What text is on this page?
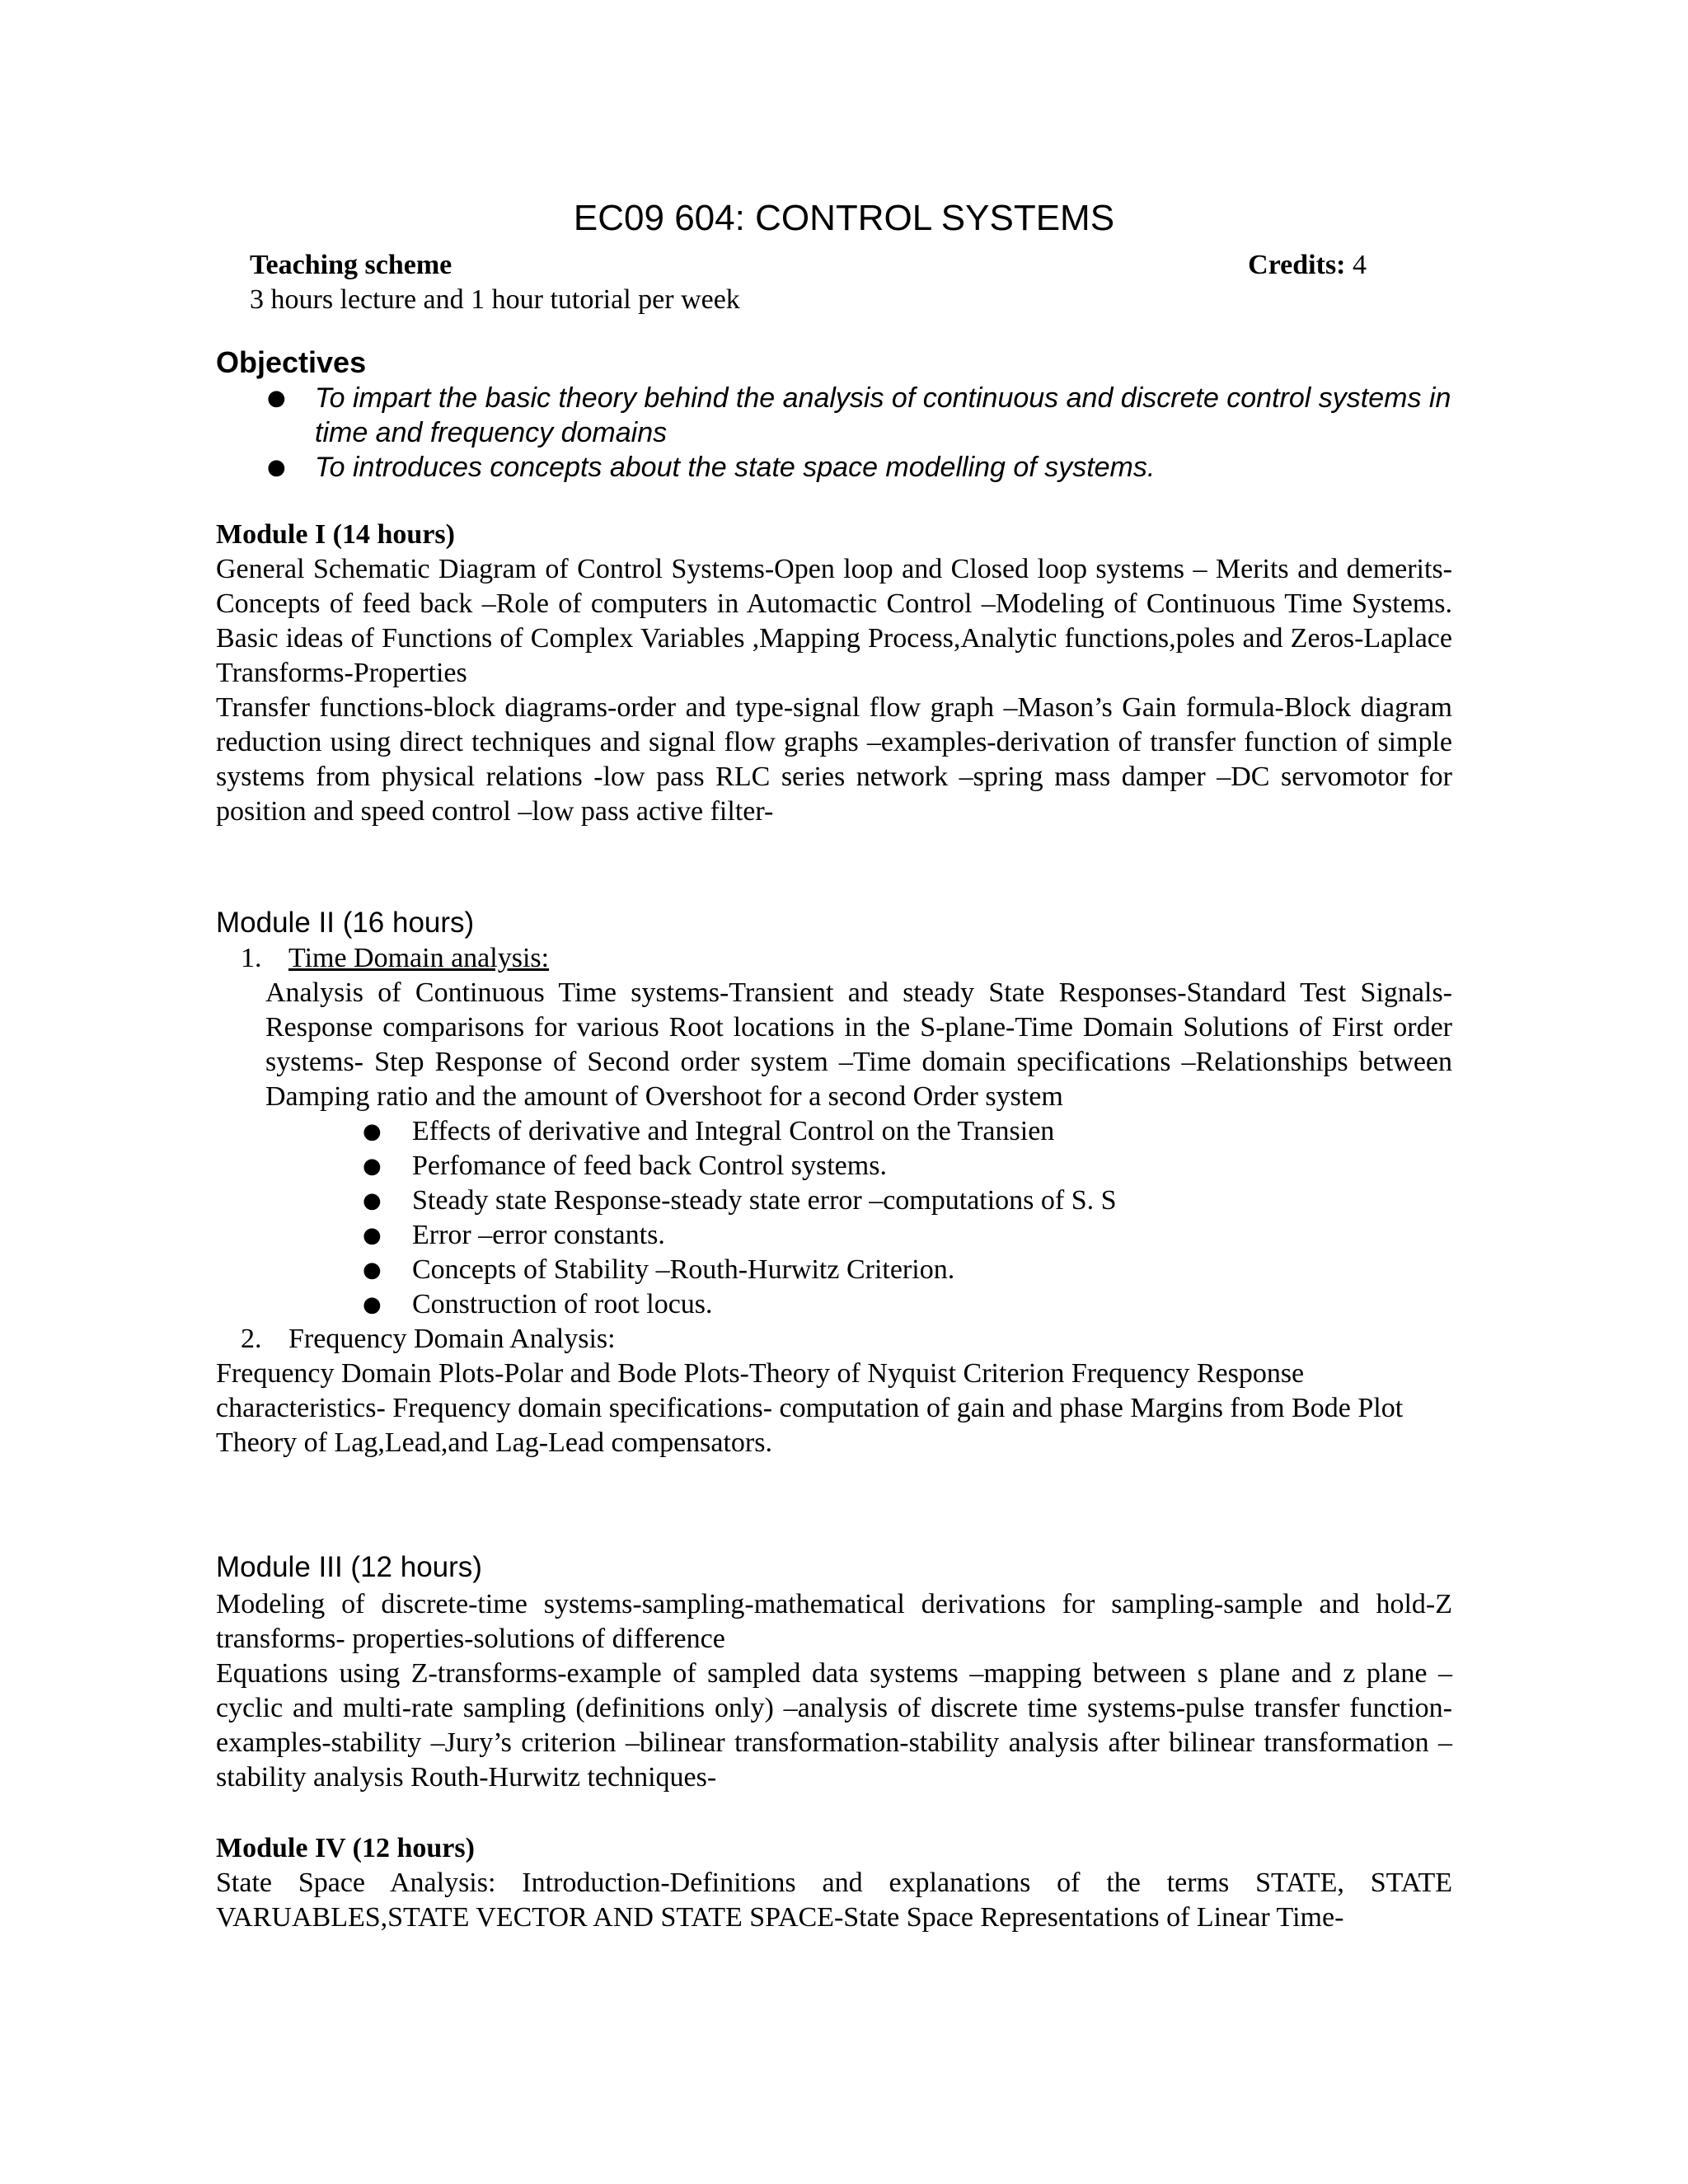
EC09 604: CONTROL SYSTEMS
Teaching scheme	Credits: 4
3 hours lecture and 1 hour tutorial per week
Objectives
● To impart the basic theory behind the analysis of continuous and discrete control systems in time and frequency domains
● To introduces concepts about the state space modelling of systems.
Module I (14 hours)
General Schematic Diagram of Control Systems-Open loop and Closed loop systems – Merits and demerits-Concepts of feed back –Role of computers in Automactic Control –Modeling of Continuous Time Systems. Basic ideas of Functions of Complex Variables ,Mapping Process,Analytic functions,poles and Zeros-Laplace Transforms-Properties
Transfer functions-block diagrams-order and type-signal flow graph –Mason’s Gain formula-Block diagram reduction using direct techniques and signal flow graphs –examples-derivation of transfer function of simple systems from physical relations -low pass RLC series network –spring mass damper –DC servomotor for position and speed control –low pass active filter-
Module II (16 hours)
1. Time Domain analysis:
Analysis of Continuous Time systems-Transient and steady State Responses-Standard Test Signals-Response comparisons for various Root locations in the S-plane-Time Domain Solutions of First order systems- Step Response of Second order system –Time domain specifications –Relationships between Damping ratio and the amount of Overshoot for a second Order system
● Effects of derivative and Integral Control on the Transien
● Perfomance of feed back Control systems.
● Steady state Response-steady state error –computations of S. S
● Error –error constants.
● Concepts of Stability –Routh-Hurwitz Criterion.
● Construction of root locus.
2. Frequency Domain Analysis:
Frequency Domain Plots-Polar and Bode Plots-Theory of Nyquist Criterion Frequency Response characteristics- Frequency domain specifications- computation of gain and phase Margins from Bode Plot Theory of Lag,Lead,and Lag-Lead compensators.
Module III (12 hours)
Modeling of discrete-time systems-sampling-mathematical derivations for sampling-sample and hold-Z transforms- properties-solutions of difference
Equations using Z-transforms-example of sampled data systems –mapping between s plane and z plane –cyclic and multi-rate sampling (definitions only) –analysis of discrete time systems-pulse transfer function-examples-stability –Jury’s criterion –bilinear transformation-stability analysis after bilinear transformation –stability analysis Routh-Hurwitz techniques-
Module IV (12 hours)
State Space Analysis: Introduction-Definitions and explanations of the terms STATE, STATE VARUABLES,STATE VECTOR AND STATE SPACE-State Space Representations of Linear Time-
